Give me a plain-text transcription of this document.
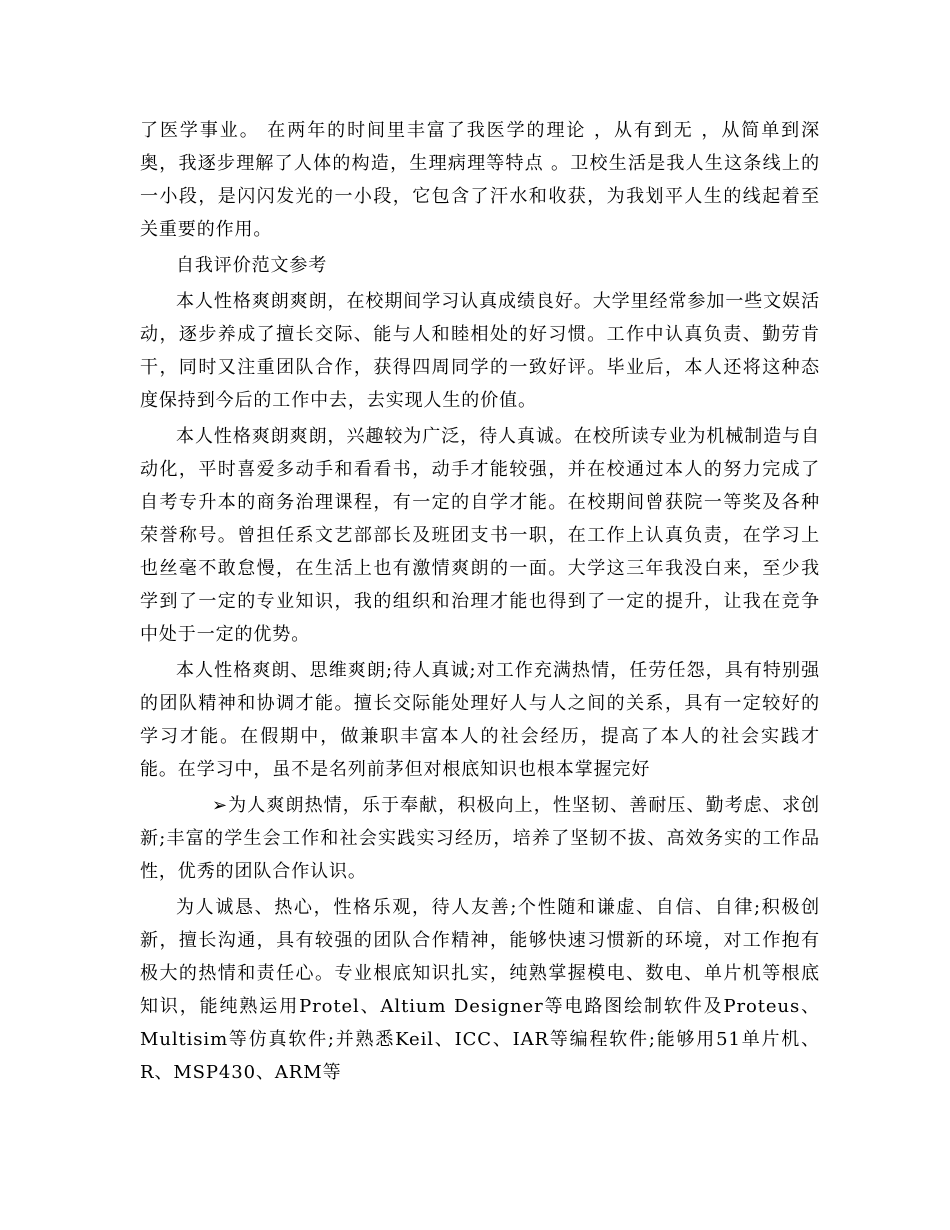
了医学事业。 在两年的时间里丰富了我医学的理论 ，从有到无 ，从简单到深奥，我逐步理解了人体的构造，生理病理等特点 。卫校生活是我人生这条线上的一小段，是闪闪发光的一小段，它包含了汗水和收获，为我划平人生的线起着至关重要的作用。

自我评价范文参考

本人性格爽朗爽朗，在校期间学习认真成绩良好。大学里经常参加一些文娱活动，逐步养成了擅长交际、能与人和睦相处的好习惯。工作中认真负责、勤劳肯干，同时又注重团队合作，获得四周同学的一致好评。毕业后，本人还将这种态度保持到今后的工作中去，去实现人生的价值。

本人性格爽朗爽朗，兴趣较为广泛，待人真诚。在校所读专业为机械制造与自动化，平时喜爱多动手和看看书，动手才能较强，并在校通过本人的努力完成了自考专升本的商务治理课程，有一定的自学才能。在校期间曾获院一等奖及各种荣誉称号。曾担任系文艺部部长及班团支书一职，在工作上认真负责，在学习上也丝毫不敢怠慢，在生活上也有激情爽朗的一面。大学这三年我没白来，至少我学到了一定的专业知识，我的组织和治理才能也得到了一定的提升，让我在竞争中处于一定的优势。

本人性格爽朗、思维爽朗;待人真诚;对工作充满热情，任劳任怨，具有特别强的团队精神和协调才能。擅长交际能处理好人与人之间的关系，具有一定较好的学习才能。在假期中，做兼职丰富本人的社会经历，提高了本人的社会实践才能。在学习中，虽不是名列前茅但对根底知识也根本掌握完好

➢为人爽朗热情，乐于奉献，积极向上，性坚韧、善耐压、勤考虑、求创新;丰富的学生会工作和社会实践实习经历，培养了坚韧不拔、高效务实的工作品性，优秀的团队合作认识。

为人诚恳、热心，性格乐观，待人友善;个性随和谦虚、自信、自律;积极创新，擅长沟通，具有较强的团队合作精神，能够快速习惯新的环境，对工作抱有极大的热情和责任心。专业根底知识扎实，纯熟掌握模电、数电、单片机等根底知识，能纯熟运用Protel、Altium Designer等电路图绘制软件及Proteus、Multisim等仿真软件;并熟悉Keil、ICC、IAR等编程软件;能够用51单片机、R、MSP430、ARM等
